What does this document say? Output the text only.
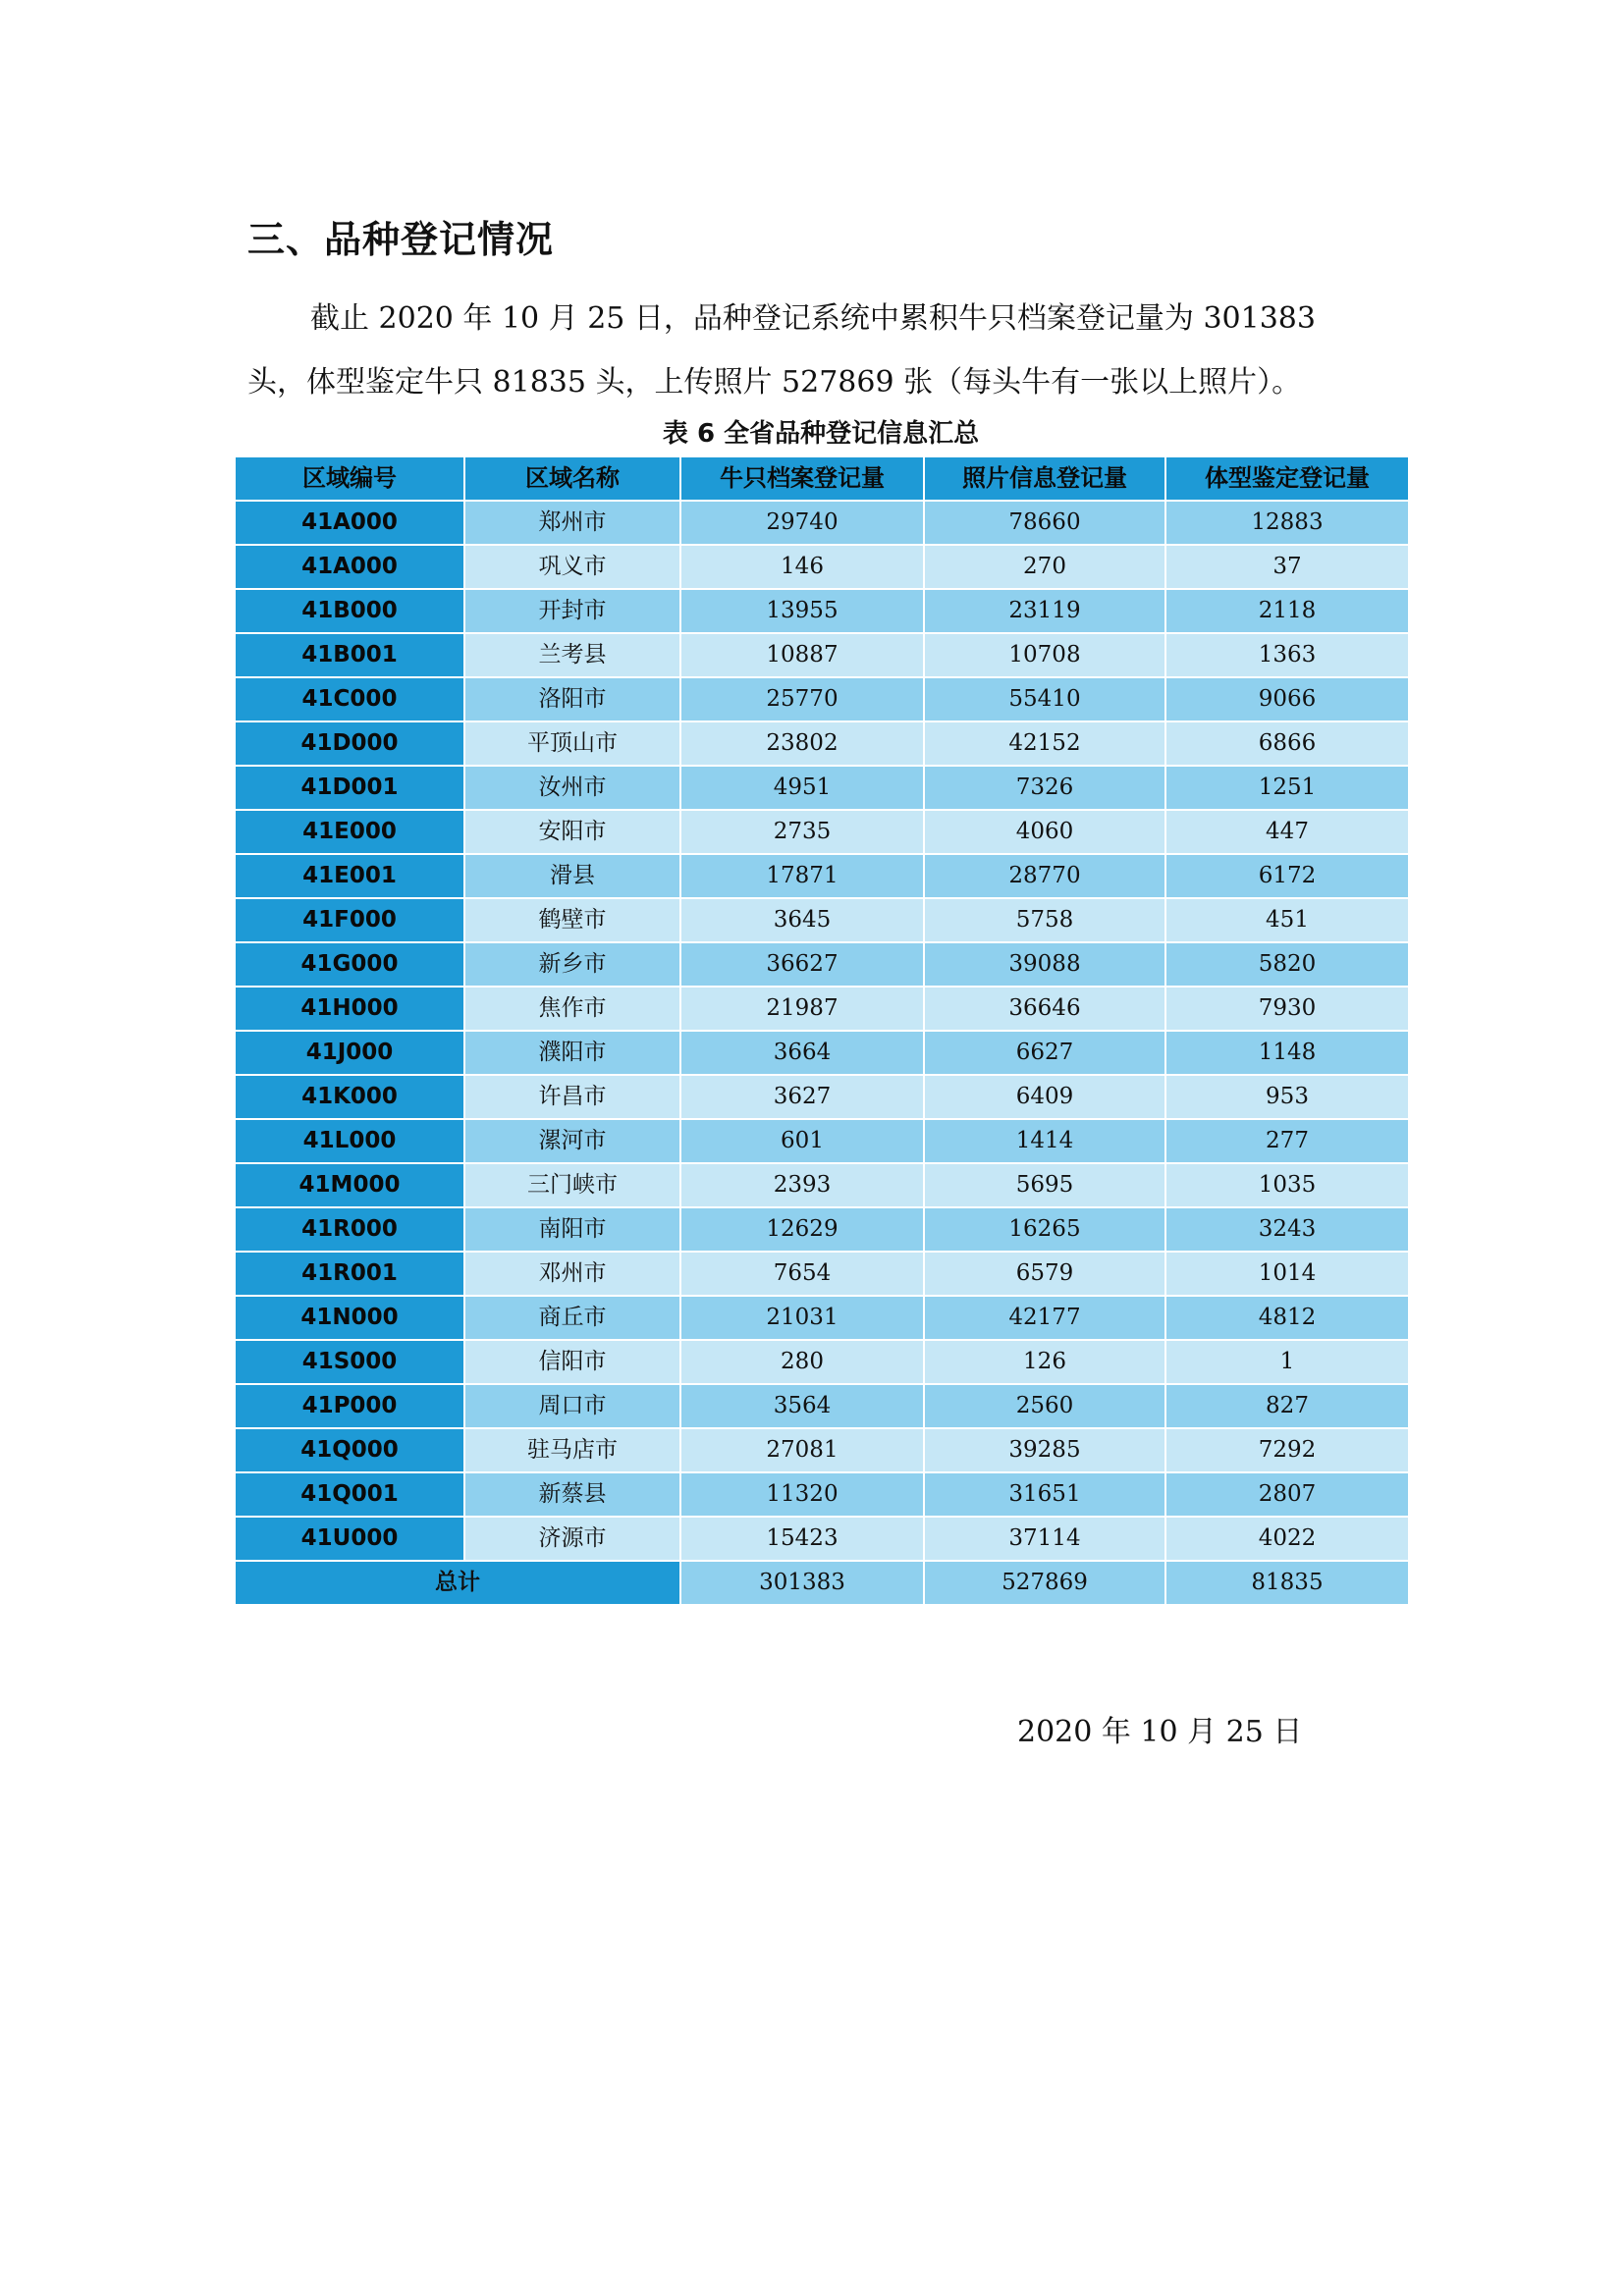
三、品种登记情况
截止 2020 年 10 月 25 日，品种登记系统中累积牛只档案登记量为 301383
头，体型鉴定牛只 81835 头，上传照片 527869 张（每头牛有一张以上照片）。
表 6 全省品种登记信息汇总
区域编号	区域名称	牛只档案登记量	照片信息登记量	体型鉴定登记量
41A000	郑州市	29740	78660	12883
41A000	巩义市	146	270	37
41B000	开封市	13955	23119	2118
41B001	兰考县	10887	10708	1363
41C000	洛阳市	25770	55410	9066
41D000	平顶山市	23802	42152	6866
41D001	汝州市	4951	7326	1251
41E000	安阳市	2735	4060	447
41E001	滑县	17871	28770	6172
41F000	鹤壁市	3645	5758	451
41G000	新乡市	36627	39088	5820
41H000	焦作市	21987	36646	7930
41J000	濮阳市	3664	6627	1148
41K000	许昌市	3627	6409	953
41L000	漯河市	601	1414	277
41M000	三门峡市	2393	5695	1035
41R000	南阳市	12629	16265	3243
41R001	邓州市	7654	6579	1014
41N000	商丘市	21031	42177	4812
41S000	信阳市	280	126	1
41P000	周口市	3564	2560	827
41Q000	驻马店市	27081	39285	7292
41Q001	新蔡县	11320	31651	2807
41U000	济源市	15423	37114	4022
总计		301383	527869	81835
2020 年 10 月 25 日
